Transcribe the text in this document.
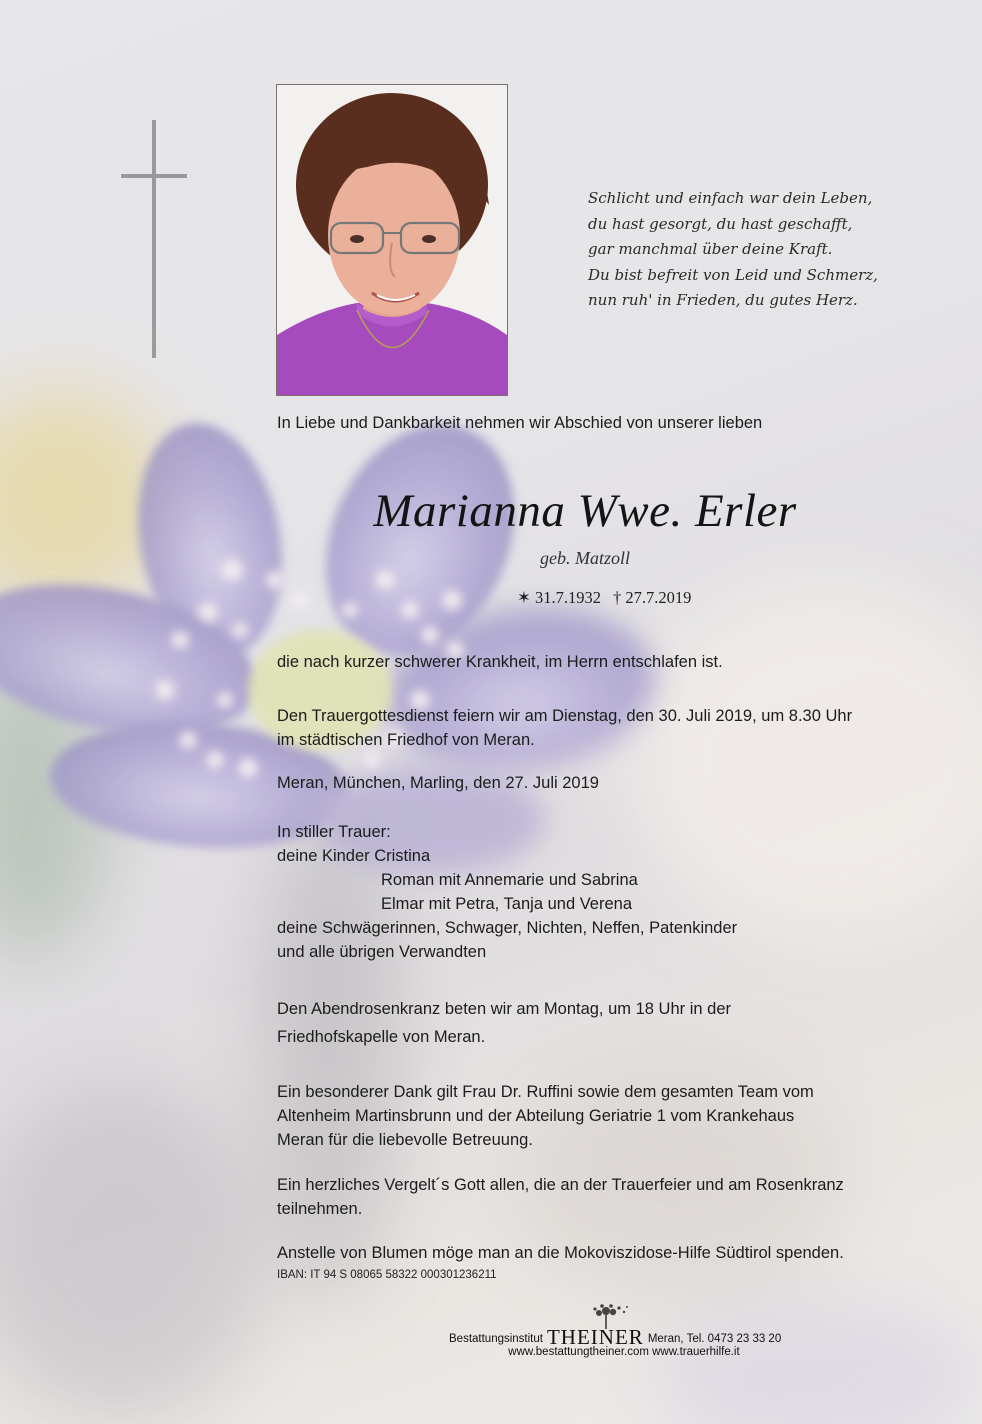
Schlicht und einfach war dein Leben,
du hast gesorgt, du hast geschafft,
gar manchmal über deine Kraft.
Du bist befreit von Leid und Schmerz,
nun ruh' in Frieden, du gutes Herz.
In Liebe und Dankbarkeit nehmen wir Abschied von unserer lieben
Marianna Wwe. Erler
geb. Matzoll
✶ 31.7.1932 † 27.7.2019
die nach kurzer schwerer Krankheit, im Herrn entschlafen ist.
Den Trauergottesdienst feiern wir am Dienstag, den 30. Juli 2019, um 8.30 Uhr
im städtischen Friedhof von Meran.
Meran, München, Marling, den 27. Juli 2019
In stiller Trauer:
deine Kinder Cristina
Roman mit Annemarie und Sabrina
Elmar mit Petra, Tanja und Verena
deine Schwägerinnen, Schwager, Nichten, Neffen, Patenkinder
und alle übrigen Verwandten
Den Abendrosenkranz beten wir am Montag, um 18 Uhr in der
Friedhofskapelle von Meran.
Ein besonderer Dank gilt Frau Dr. Ruffini sowie dem gesamten Team vom
Altenheim Martinsbrunn und der Abteilung Geriatrie 1 vom Krankehaus
Meran für die liebevolle Betreuung.
Ein herzliches Vergelt´s Gott allen, die an der Trauerfeier und am Rosenkranz
teilnehmen.
Anstelle von Blumen möge man an die Mokoviszidose-Hilfe Südtirol spenden.
IBAN: IT 94 S 08065 58322 000301236211
Bestattungsinstitut THEINER Meran, Tel. 0473 23 33 20
www.bestattungtheiner.com www.trauerhilfe.it
